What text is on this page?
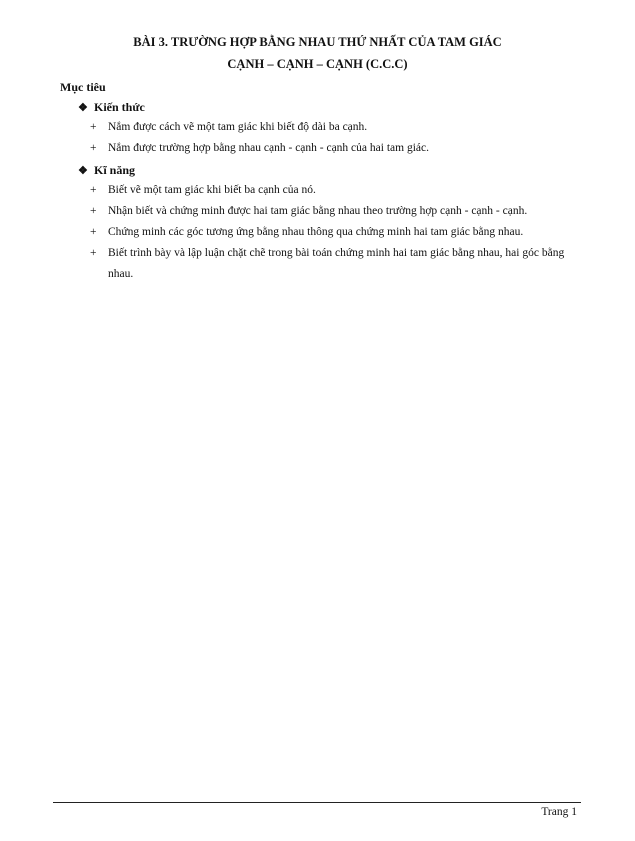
BÀI 3. TRƯỜNG HỢP BẰNG NHAU THỨ NHẤT CỦA TAM GIÁC
CẠNH – CẠNH – CẠNH (C.C.C)
Mục tiêu
❖ Kiến thức
+	Nắm được cách vẽ một tam giác khi biết độ dài ba cạnh.
+	Nắm được trường hợp bằng nhau cạnh - cạnh - cạnh của hai tam giác.
❖ Kĩ năng
+	Biết vẽ một tam giác khi biết ba cạnh của nó.
+	Nhận biết và chứng minh được hai tam giác bằng nhau theo trường hợp cạnh - cạnh - cạnh.
+	Chứng minh các góc tương ứng bằng nhau thông qua chứng minh hai tam giác bằng nhau.
+	Biết trình bày và lập luận chặt chẽ trong bài toán chứng minh hai tam giác bằng nhau, hai góc bằng nhau.
Trang 1
